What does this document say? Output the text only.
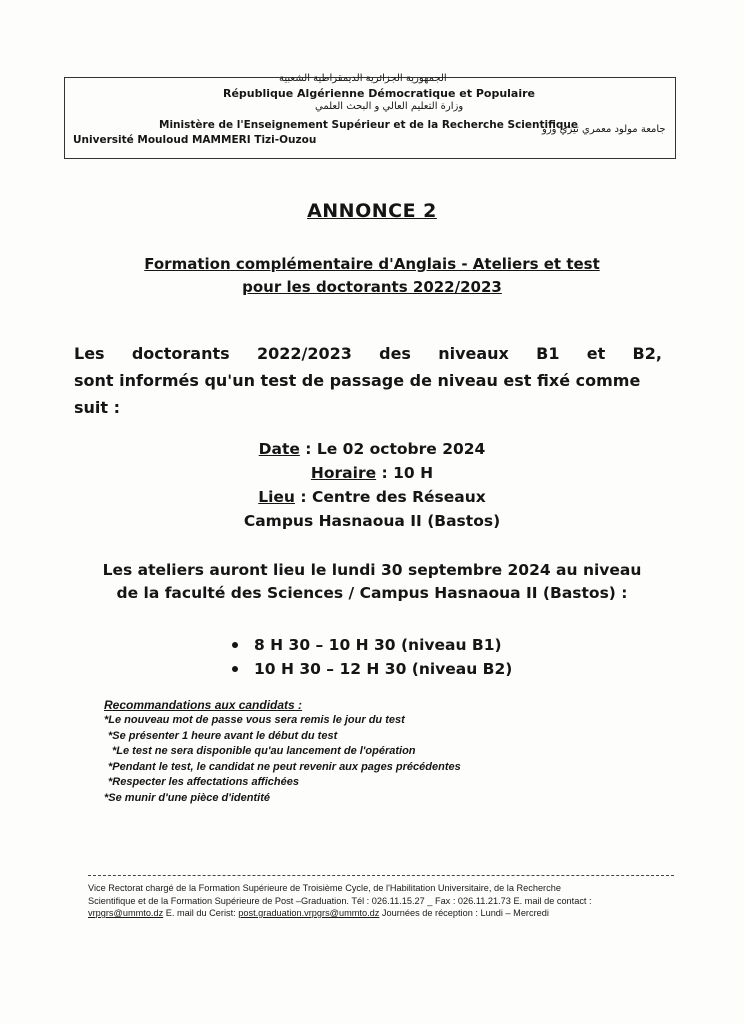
الجمهورية الجزائرية الديمقراطية الشعبية
République Algérienne Démocratique et Populaire
وزارة التعليم العالي و البحث العلمي
Ministère de l'Enseignement Supérieur et de la Recherche Scientifique
جامعة مولود معمري تيزي وزو
Université Mouloud MAMMERI Tizi-Ouzou
ANNONCE 2
Formation complémentaire d'Anglais - Ateliers et test
pour les doctorants 2022/2023
Les doctorants 2022/2023 des niveaux B1 et B2,
sont informés qu'un test de passage de niveau est fixé comme
suit :
Date : Le 02 octobre 2024
Horaire : 10 H
Lieu : Centre des Réseaux
Campus Hasnaoua II (Bastos)
Les ateliers auront lieu le lundi 30 septembre 2024 au niveau
de la faculté des Sciences / Campus Hasnaoua II (Bastos) :
8 H 30 – 10 H 30 (niveau B1)
10 H 30 – 12 H 30 (niveau B2)
Recommandations aux candidats :
*Le nouveau mot de passe vous sera remis le jour du test
*Se présenter 1 heure avant le début du test
*Le test ne sera disponible qu'au lancement de l'opération
*Pendant le test, le candidat ne peut revenir aux pages précédentes
*Respecter les affectations affichées
*Se munir d'une pièce d'identité
Vice Rectorat chargé de la Formation Supérieure de Troisième Cycle, de l'Habilitation Universitaire, de la Recherche
Scientifique et de la Formation Supérieure de Post –Graduation. Tél : 026.11.15.27 _ Fax : 026.11.21.73 E. mail de contact :
vrpgrs@ummto.dz E. mail du Cerist: post.graduation.vrpgrs@ummto.dz Journées de réception : Lundi – Mercredi
